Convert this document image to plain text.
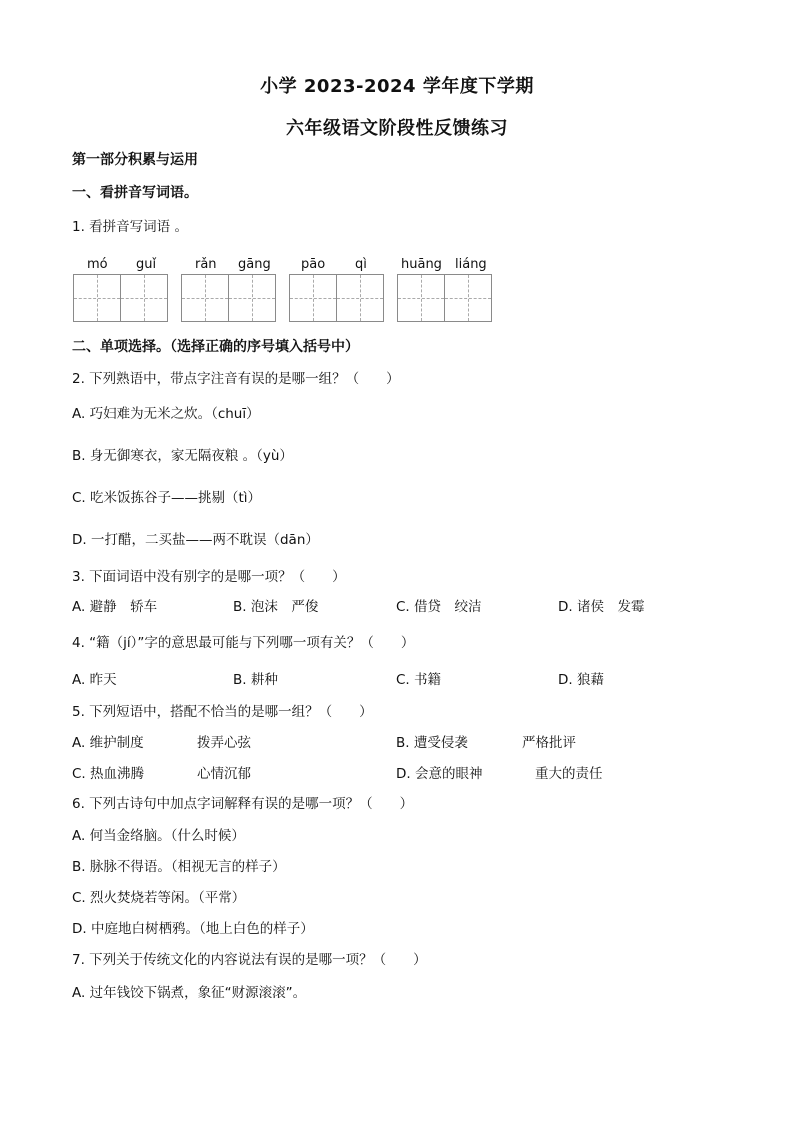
小学 2023-2024 学年度下学期
六年级语文阶段性反馈练习
第一部分积累与运用
一、看拼音写词语。
1. 看拼音写词语 。
mó guǐ	rǎn gāng pāo qì	huāng liáng
二、单项选择。（选择正确的序号填入括号中）
2. 下列熟语中，带点字注音有误的是哪一组？（　　）
A. 巧妇难为无米之炊。（chuī）
B. 身无御寒衣，家无隔夜粮 。（yù）
C. 吃米饭拣谷子——挑剔（tì）
D. 一打醋，二买盐——两不耽误（dān）
3. 下面词语中没有别字的是哪一项？（　　）
A. 避静　轿车	B. 泡沫　严俊	C. 借贷　绞洁	D. 诸侯　发霉
4. “籍（jí）”字的意思最可能与下列哪一项有关？（　　）
A. 昨天	B. 耕种	C. 书籍	D. 狼藉
5. 下列短语中，搭配不恰当的是哪一组？（　　）
A. 维护制度	拨弄心弦	B. 遭受侵袭	严格批评
C. 热血沸腾	心情沉郁	D. 会意的眼神	重大的责任
6. 下列古诗句中加点字词解释有误的是哪一项？（　　）
A. 何当金络脑。（什么时候）
B. 脉脉不得语。（相视无言的样子）
C. 烈火焚烧若等闲。（平常）
D. 中庭地白树栖鸦。（地上白色的样子）
7. 下列关于传统文化的内容说法有误的是哪一项？（　　）
A. 过年钱饺下锅煮，象征“财源滚滚”。
